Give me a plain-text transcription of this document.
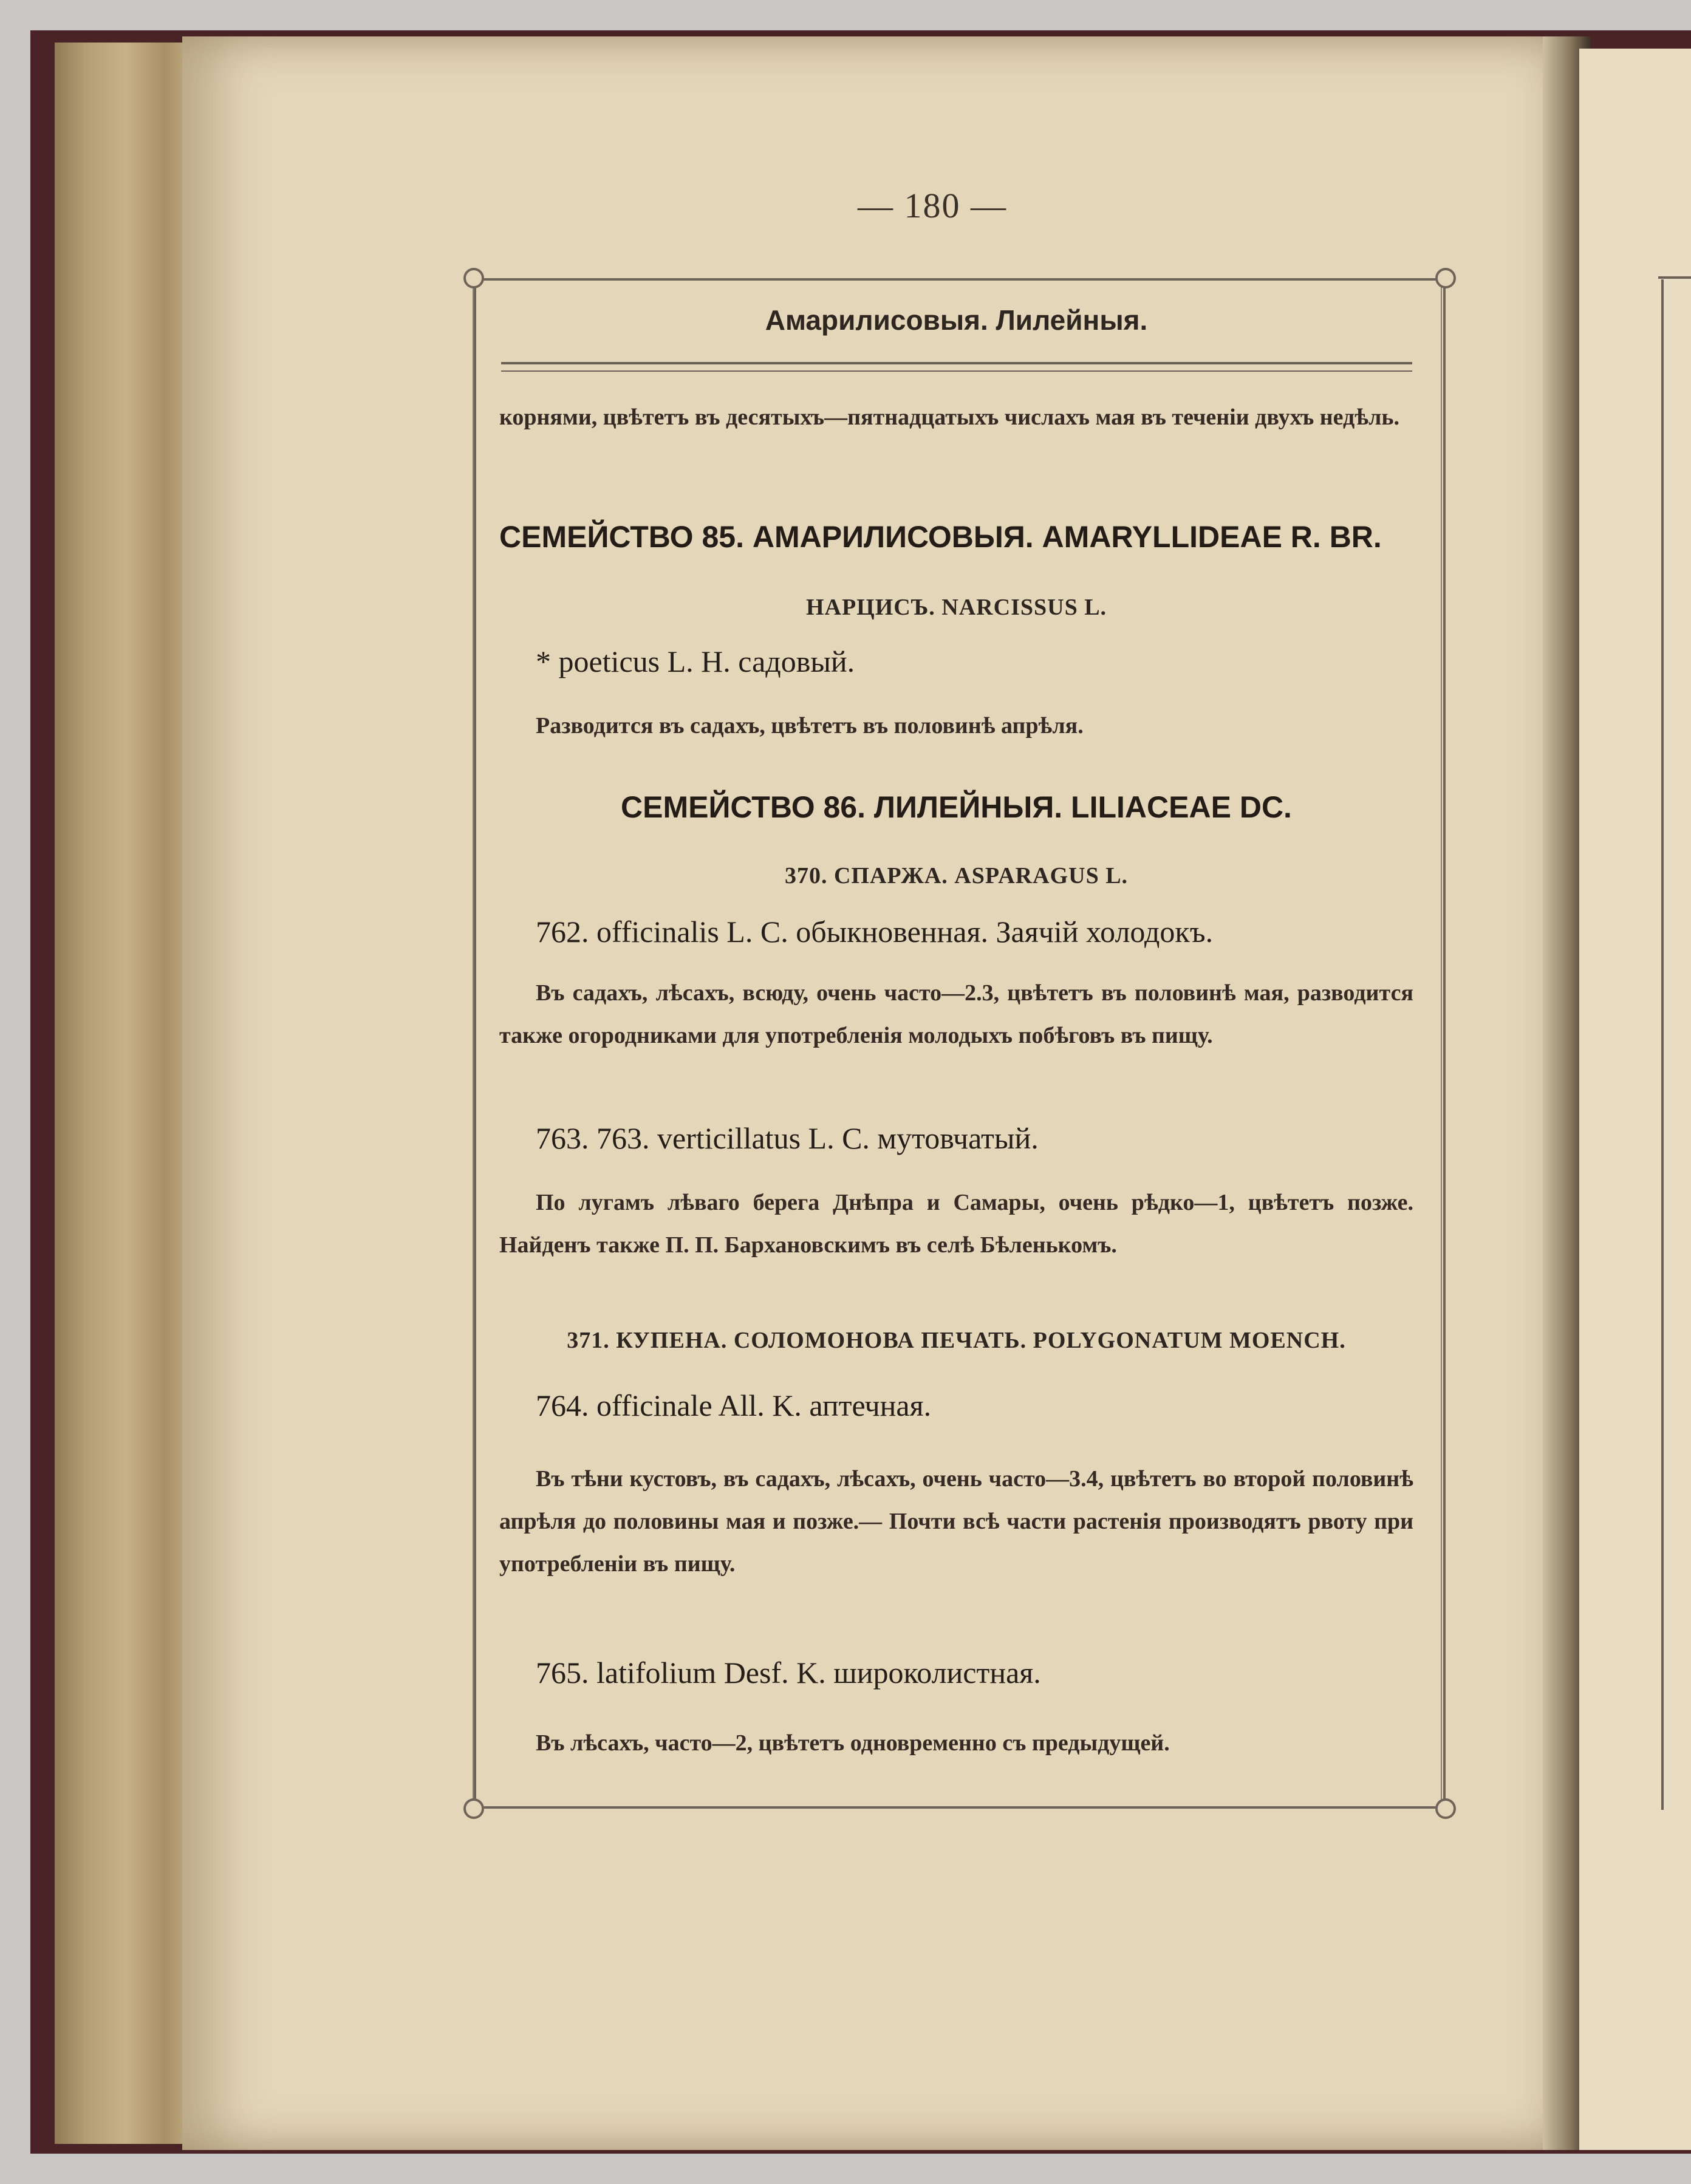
— 180 —
Амарилисовыя. Лилейныя.
корнями, цвѣтетъ въ десятыхъ—пятнадцатыхъ числахъ мая въ теченіи двухъ недѣль.
СЕМЕЙСТВО 85. АМАРИЛИСОВЫЯ. AMARYLLIDEAE R. BR.
НАРЦИСЪ. NARCISSUS L.
* poeticus L. H. садовый.
Разводится въ садахъ, цвѣтетъ въ половинѣ апрѣля.
СЕМЕЙСТВО 86. ЛИЛЕЙНЫЯ. LILIACEAE DC.
370. СПАРЖА. ASPARAGUS L.
762. officinalis L. C. обыкновенная. Заячій холодокъ.
Въ садахъ, лѣсахъ, всюду, очень часто—2.3, цвѣтетъ въ половинѣ мая, разводится также огородниками для употребленія молодыхъ побѣговъ въ пищу.
763. 763. verticillatus L. C. мутовчатый.
По лугамъ лѣваго берега Днѣпра и Самары, очень рѣдко—1, цвѣтетъ позже. Найденъ также П. П. Бархановскимъ въ селѣ Бѣленькомъ.
371. КУПЕНА. СОЛОМОНОВА ПЕЧАТЬ. POLYGONATUM MOENCH.
764. officinale All. K. аптечная.
Въ тѣни кустовъ, въ садахъ, лѣсахъ, очень часто—3.4, цвѣтетъ во второй половинѣ апрѣля до половины мая и позже.— Почти всѣ части растенія производятъ рвоту при употребленіи въ пищу.
765. latifolium Desf. K. широколистная.
Въ лѣсахъ, часто—2, цвѣтетъ одновременно съ предыдущей.
